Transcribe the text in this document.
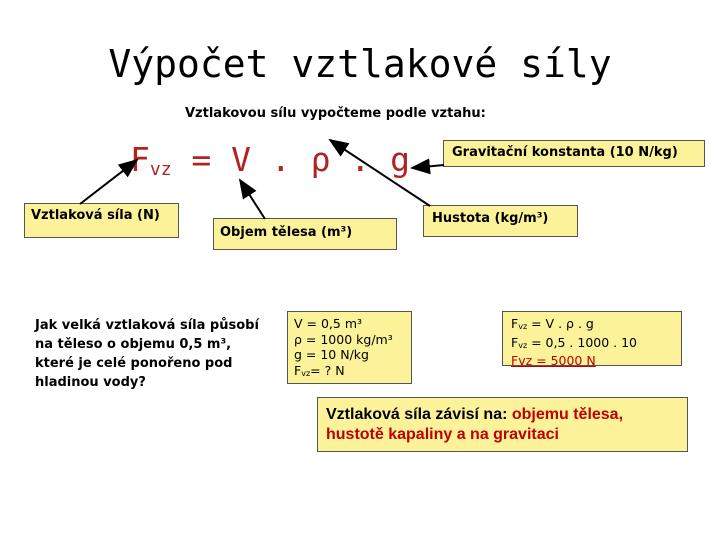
Výpočet vztlakové síly
Vztlakovou sílu vypočteme podle vztahu:
$F_{vz} = V$ . ρ . g
Vztlaková síla (N)
Objem tělesa (m³)
Gravitační konstanta (10 N/kg)
Hustota (kg/m³)
Jak velká vztlaková síla působí
na těleso o objemu 0,5 m³,
které je celé ponořeno pod
hladinou vody?
V = 0,5 m³
ρ = 1000 kg/m³
g = 10 N/kg
$F_{vz}=$ ? N
$F_{vz} = V$ . ρ . g
$F_{vz} = 0,5$ . 1000 . 10
Fvz = 5000 N
Vztlaková síla závisí na: objemu tělesa,
hustotě kapaliny a na gravitaci
